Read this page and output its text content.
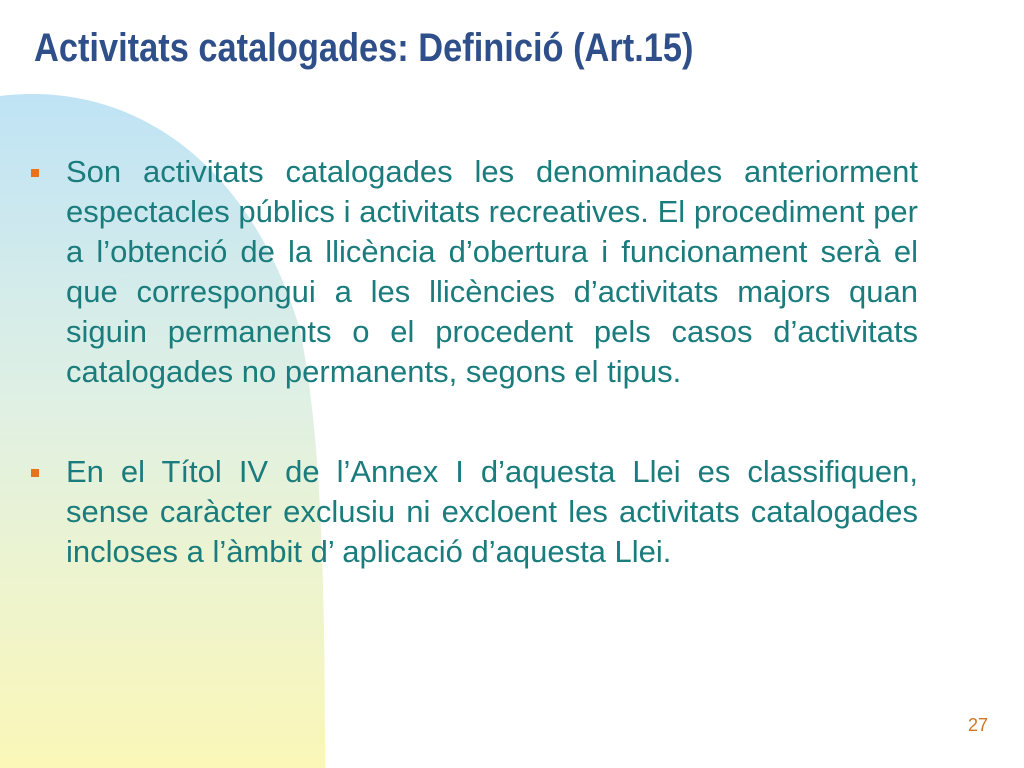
Activitats catalogades: Definició (Art.15)
Son activitats catalogades les denominades anteriorment espectacles públics i activitats recreatives. El procediment per a l’obtenció de la llicència d’obertura i funcionament serà el que correspongui a les llicències d’activitats majors quan siguin permanents o el procedent pels casos d’activitats catalogades no permanents, segons el tipus.
En el Títol IV de l’Annex I d’aquesta Llei es classifiquen, sense caràcter exclusiu ni excloent les activitats catalogades incloses a l’àmbit d’ aplicació d’aquesta Llei.
27
